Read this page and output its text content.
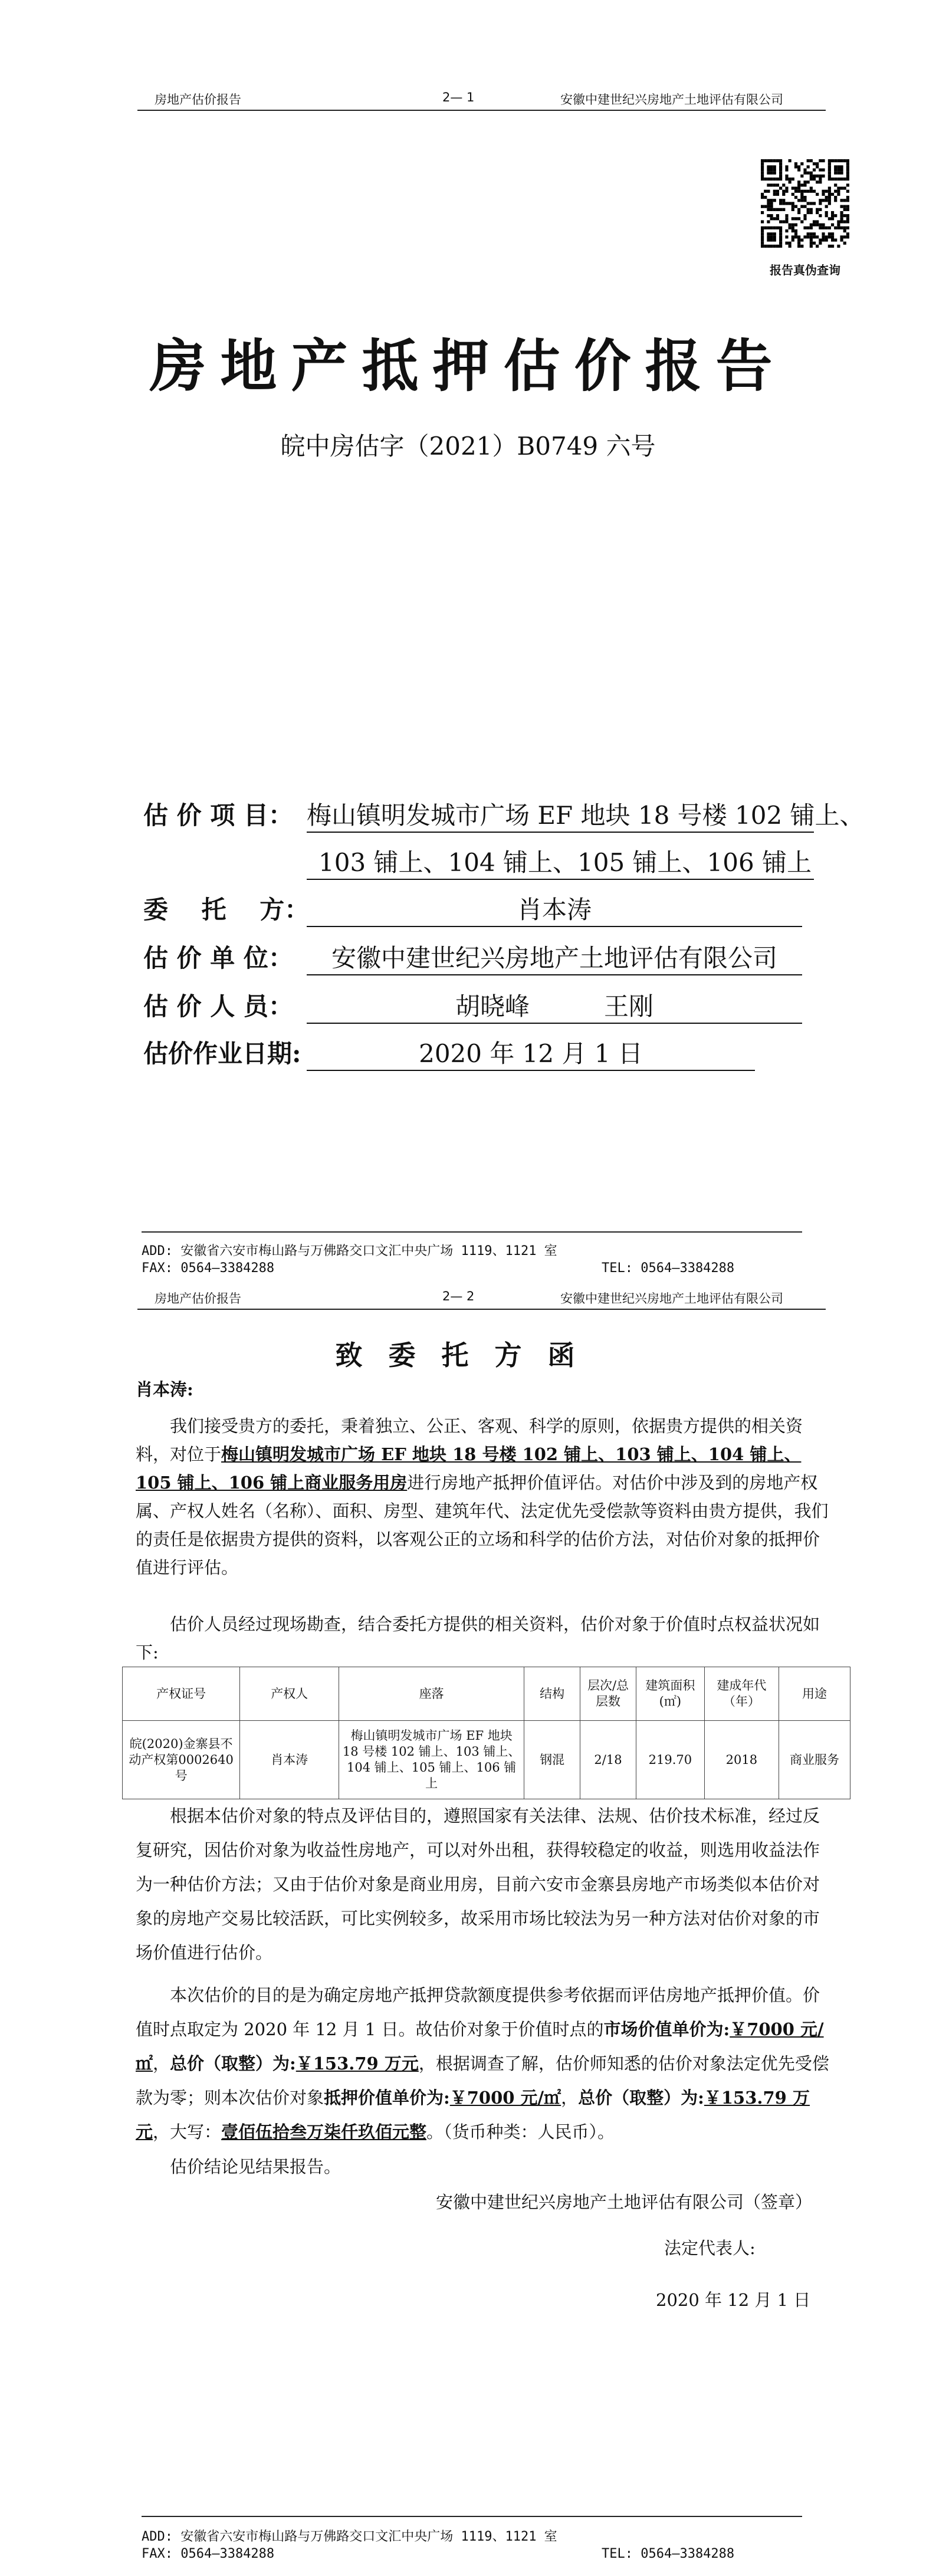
房地产估价报告	2— 1	安徽中建世纪兴房地产土地评估有限公司
报告真伪查询
房地产抵押估价报告
皖中房估字（2021）B0749 六号
估 价 项 目： 梅山镇明发城市广场 EF 地块 18 号楼 102 铺上、
103 铺上、104 铺上、105 铺上、106 铺上
委　 托　 方：	肖本涛
估 价 单 位：	安徽中建世纪兴房地产土地评估有限公司
估 价 人 员：	胡晓峰　　　王刚
估价作业日期:	2020 年 12 月 1 日
ADD: 安徽省六安市梅山路与万佛路交口文汇中央广场 1119、1121 室
FAX: 0564—3384288	TEL: 0564—3384288
房地产估价报告	2— 2	安徽中建世纪兴房地产土地评估有限公司
致委托方函
肖本涛:
我们接受贵方的委托，秉着独立、公正、客观、科学的原则，依据贵方提供的相关资料，对位于梅山镇明发城市广场 EF 地块 18 号楼 102 铺上、103 铺上、104 铺上、105 铺上、106 铺上商业服务用房进行房地产抵押价值评估。对估价中涉及到的房地产权属、产权人姓名（名称）、面积、房型、建筑年代、法定优先受偿款等资料由贵方提供，我们的责任是依据贵方提供的资料，以客观公正的立场和科学的估价方法，对估价对象的抵押价值进行评估。
估价人员经过现场勘查，结合委托方提供的相关资料，估价对象于价值时点权益状况如下:
产权证号	产权人	座落	结构	层次/总层数	建筑面积(㎡)	建成年代（年）	用途
皖(2020)金寨县不动产权第0002640号	肖本涛	梅山镇明发城市广场 EF 地块 18 号楼 102 铺上、103 铺上、104 铺上、105 铺上、106 铺上	钢混	2/18	219.70	2018	商业服务
根据本估价对象的特点及评估目的，遵照国家有关法律、法规、估价技术标准，经过反复研究，因估价对象为收益性房地产，可以对外出租，获得较稳定的收益，则选用收益法作为一种估价方法；又由于估价对象是商业用房，目前六安市金寨县房地产市场类似本估价对象的房地产交易比较活跃，可比实例较多，故采用市场比较法为另一种方法对估价对象的市场价值进行估价。
本次估价的目的是为确定房地产抵押贷款额度提供参考依据而评估房地产抵押价值。价值时点取定为 2020 年 12 月 1 日。故估价对象于价值时点的市场价值单价为:￥7000 元/㎡，总价（取整）为:￥153.79 万元，根据调查了解，估价师知悉的估价对象法定优先受偿款为零；则本次估价对象抵押价值单价为:￥7000 元/㎡，总价（取整）为:￥153.79 万元，大写：壹佰伍拾叁万柒仟玖佰元整。（货币种类：人民币）。
估价结论见结果报告。
安徽中建世纪兴房地产土地评估有限公司（签章）
法定代表人:
2020 年 12 月 1 日
ADD: 安徽省六安市梅山路与万佛路交口文汇中央广场 1119、1121 室
FAX: 0564—3384288	TEL: 0564—3384288
